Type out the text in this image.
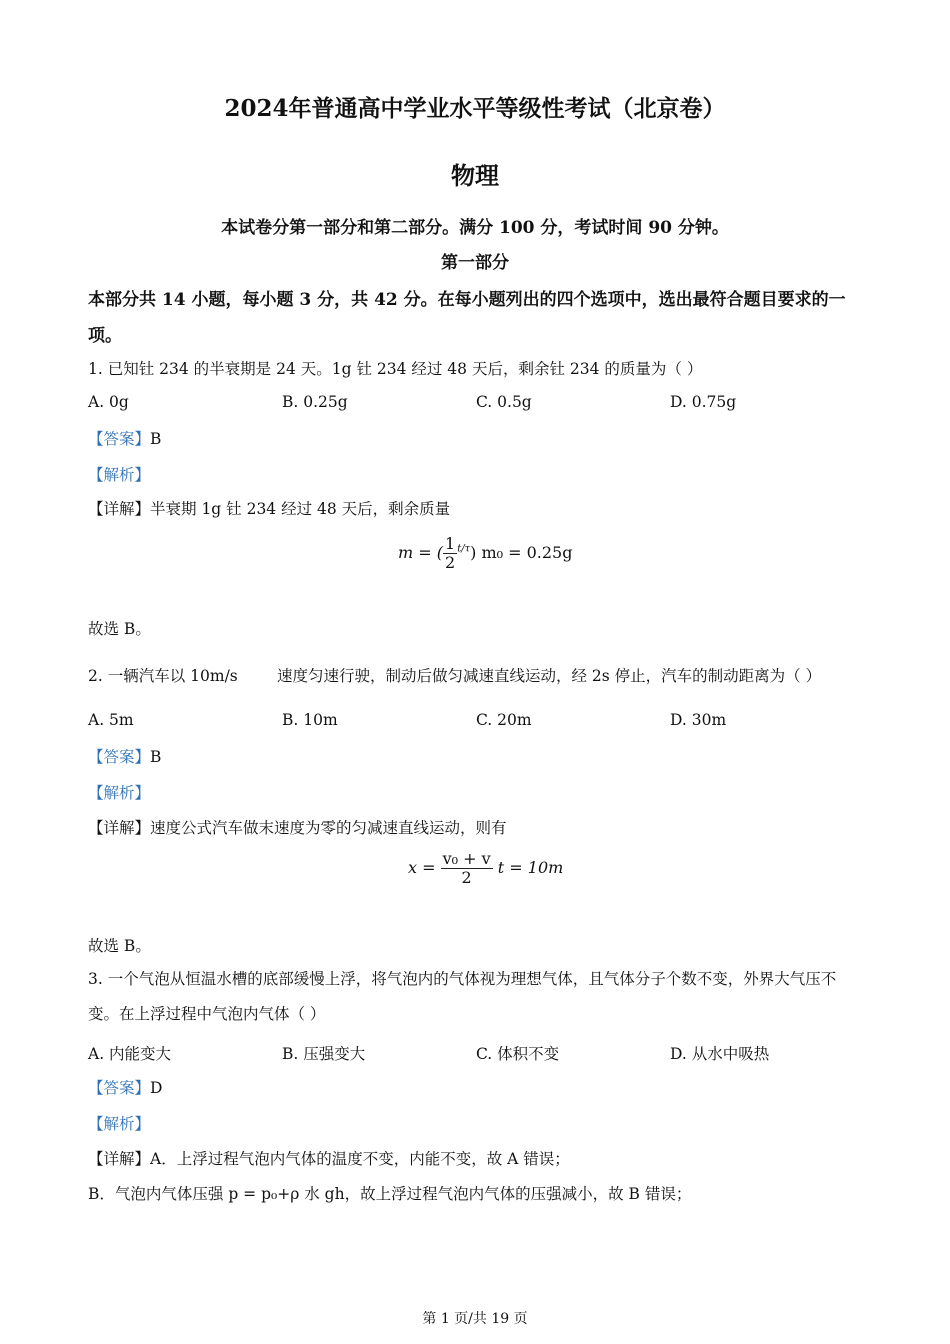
2024年普通高中学业水平等级性考试（北京卷）
物理
本试卷分第一部分和第二部分。满分 100 分，考试时间 90 分钟。
第一部分
本部分共 14 小题，每小题 3 分，共 42 分。在每小题列出的四个选项中，选出最符合题目要求的一项。
1. 已知钍 234 的半衰期是 24 天。1g 钍 234 经过 48 天后，剩余钍 234 的质量为（ ）
A. 0g	B. 0.25g	C. 0.5g	D. 0.75g
【答案】B
【解析】
【详解】半衰期 1g 钍 234 经过 48 天后，剩余质量
m = ( $\frac{1}{2} ^{t/\tau}$) m₀ = 0.25g
故选 B。
2. 一辆汽车以 10m/s	速度匀速行驶，制动后做匀减速直线运动，经 2s 停止，汽车的制动距离为（ ）
A. 5m	B. 10m	C. 20m	D. 30m
【答案】B
【解析】
【详解】速度公式汽车做末速度为零的匀减速直线运动，则有
$x = \frac{\text{v₀ + v}}{2}$ t = 10m
故选 B。
3. 一个气泡从恒温水槽的底部缓慢上浮，将气泡内的气体视为理想气体，且气体分子个数不变，外界大气压不变。在上浮过程中气泡内气体（ ）
A. 内能变大	B. 压强变大	C. 体积不变	D. 从水中吸热
【答案】D
【解析】
【详解】A．上浮过程气泡内气体的温度不变，内能不变，故 A 错误；
B．气泡内气体压强 p = p₀+ρ 水 gh，故上浮过程气泡内气体的压强减小，故 B 错误；
第 1 页/共 19 页
